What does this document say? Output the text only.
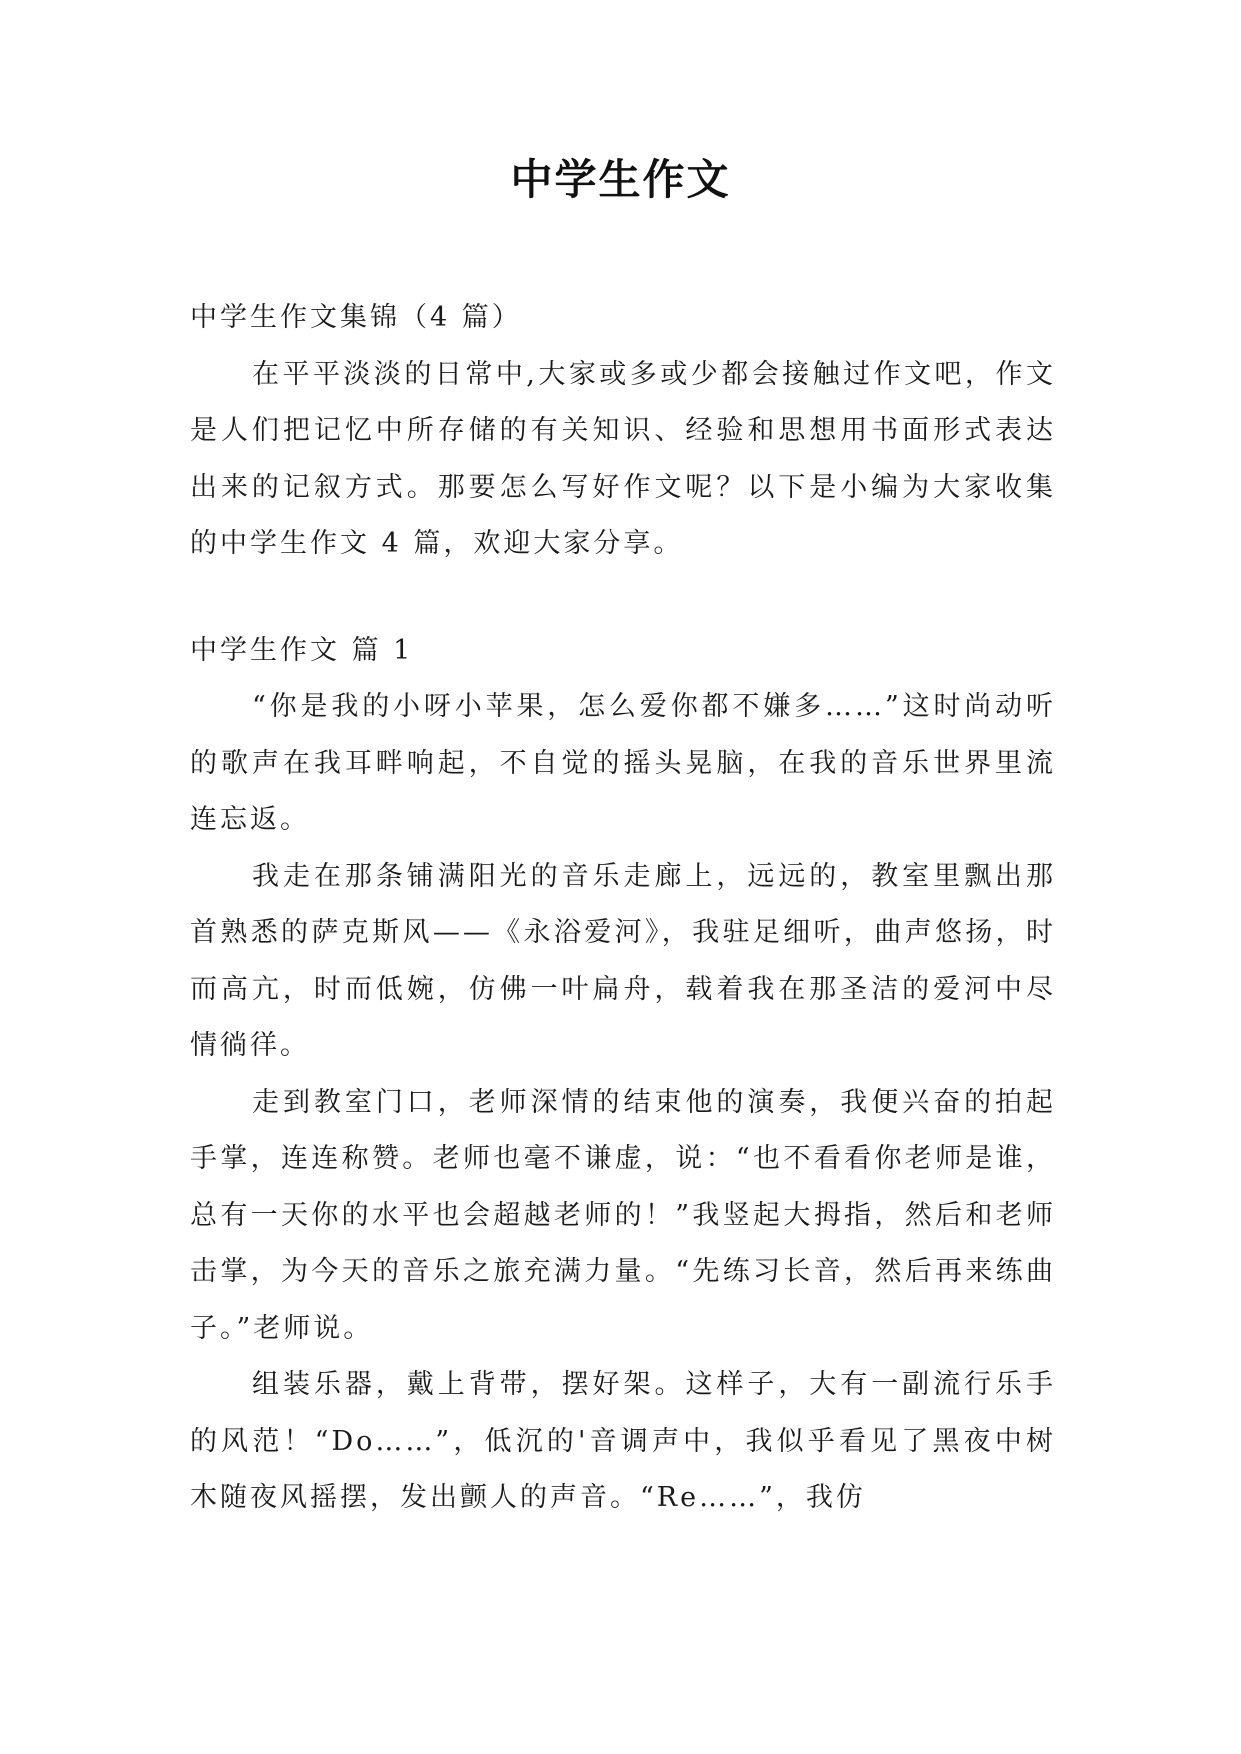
中学生作文

中学生作文集锦（4 篇）

在平平淡淡的日常中,大家或多或少都会接触过作文吧，作文是人们把记忆中所存储的有关知识、经验和思想用书面形式表达出来的记叙方式。那要怎么写好作文呢？以下是小编为大家收集的中学生作文 4 篇，欢迎大家分享。

中学生作文 篇 1

“你是我的小呀小苹果，怎么爱你都不嫌多……”这时尚动听的歌声在我耳畔响起，不自觉的摇头晃脑，在我的音乐世界里流连忘返。

我走在那条铺满阳光的音乐走廊上，远远的，教室里飘出那首熟悉的萨克斯风——《永浴爱河》，我驻足细听，曲声悠扬，时而高亢，时而低婉，仿佛一叶扁舟，载着我在那圣洁的爱河中尽情徜徉。

走到教室门口，老师深情的结束他的演奏，我便兴奋的拍起手掌，连连称赞。老师也毫不谦虚，说：“也不看看你老师是谁，总有一天你的水平也会超越老师的！”我竖起大拇指，然后和老师击掌，为今天的音乐之旅充满力量。“先练习长音，然后再来练曲子。”老师说。

组装乐器，戴上背带，摆好架。这样子，大有一副流行乐手的风范！“Do……”，低沉的'音调声中，我似乎看见了黑夜中树木随夜风摇摆，发出颤人的声音。“Re……”，我仿
